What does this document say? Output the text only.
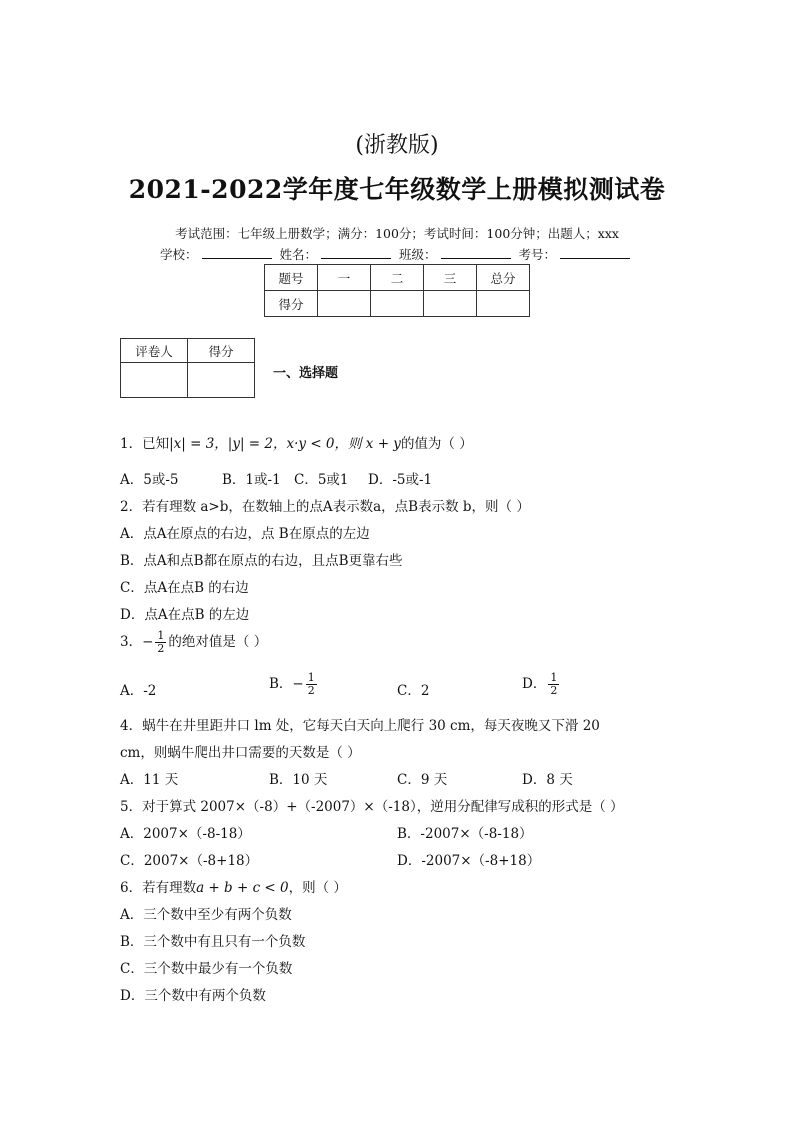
(浙教版)
2021-2022学年度七年级数学上册模拟测试卷
考试范围：七年级上册数学；满分：100分；考试时间：100分钟；出题人；xxx
学校：	姓名：	班级：	考号：
题号	一	二	三	总分
得分				
评卷人	得分

一、选择题
1．已知|x| = 3，|y| = 2，x·y < 0，则 x + y的值为（ ）
A．5或-5	B．1或-1 C．5或1 D．-5或-1
2．若有理数 a>b，在数轴上的点A表示数a，点B表示数 b，则（ ）
A．点A在原点的右边，点 B在原点的左边
B．点A和点B都在原点的右边，且点B更靠右些
C．点A在点B 的右边
D．点A在点B 的左边
3．− $\frac{1}{2}$ 的绝对值是（ ）
A．-2	B．− $\frac{1}{2}$	C．2	D． $\frac{1}{2}$
4．蜗牛在井里距井口 lm 处，它每天白天向上爬行 30 cm，每天夜晚又下滑 20
cm，则蜗牛爬出井口需要的天数是（ ）
A．11 天	B．10 天	C．9 天	D．8 天
5．对于算式 2007×（-8）+（-2007）×（-18），逆用分配律写成积的形式是（ ）
A．2007×（-8-18）	B．-2007×（-8-18）
C．2007×（-8+18）	D．-2007×（-8+18）
6．若有理数a + b + c < 0，则（ ）
A．三个数中至少有两个负数
B．三个数中有且只有一个负数
C．三个数中最少有一个负数
D．三个数中有两个负数
